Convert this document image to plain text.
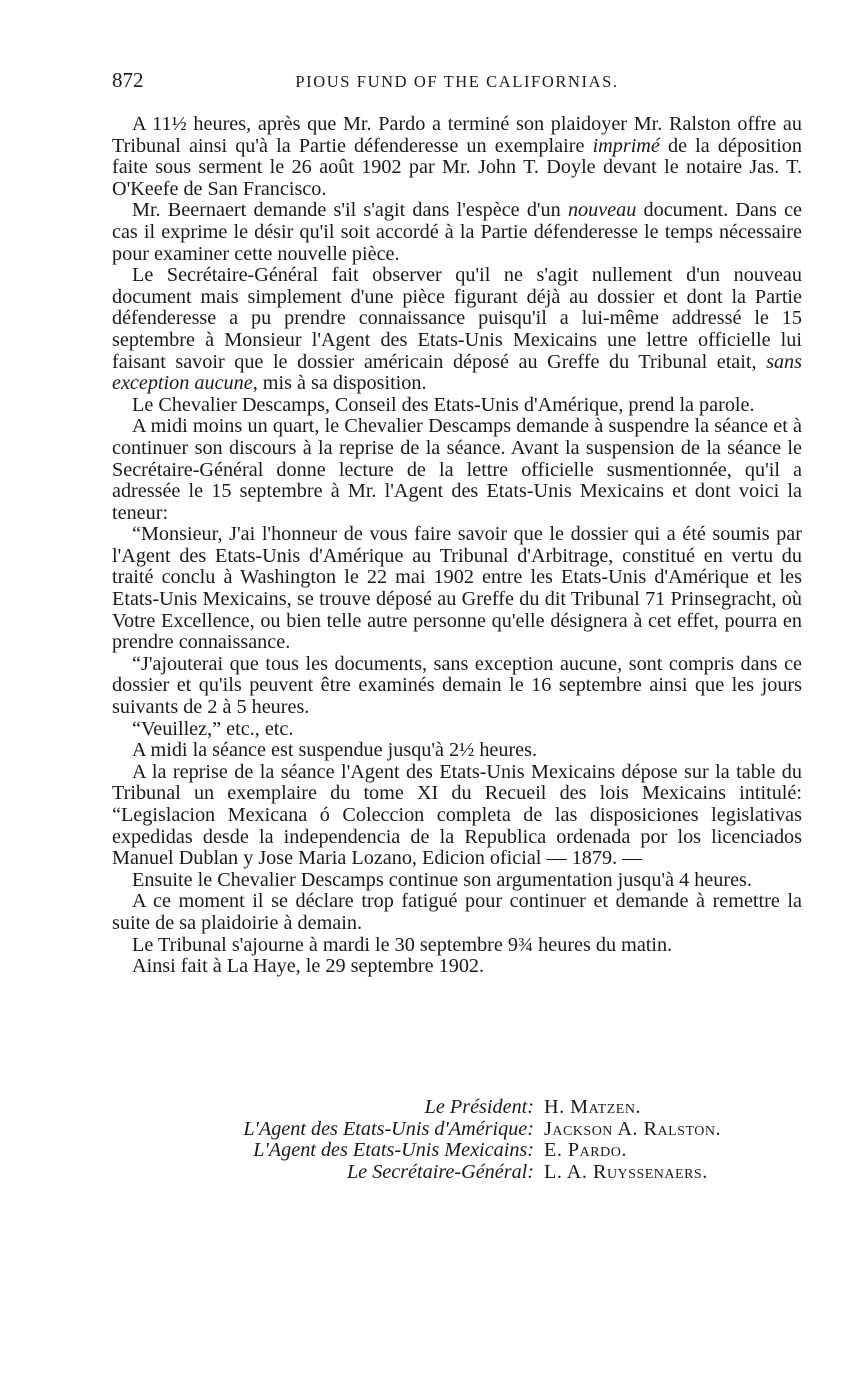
872	PIOUS FUND OF THE CALIFORNIAS.

A 11½ heures, après que Mr. Pardo a terminé son plaidoyer Mr. Ralston offre au Tribunal ainsi qu'à la Partie défenderesse un exemplaire imprimé de la déposition faite sous serment le 26 août 1902 par Mr. John T. Doyle devant le notaire Jas. T. O'Keefe de San Francisco.

Mr. Beernaert demande s'il s'agit dans l'espèce d'un nouveau document. Dans ce cas il exprime le désir qu'il soit accordé à la Partie défenderesse le temps nécessaire pour examiner cette nouvelle pièce.

Le Secrétaire-Général fait observer qu'il ne s'agit nullement d'un nouveau document mais simplement d'une pièce figurant déjà au dossier et dont la Partie défenderesse a pu prendre connaissance puisqu'il a lui-même addressé le 15 septembre à Monsieur l'Agent des Etats-Unis Mexicains une lettre officielle lui faisant savoir que le dossier américain déposé au Greffe du Tribunal etait, sans exception aucune, mis à sa disposition.

Le Chevalier Descamps, Conseil des Etats-Unis d'Amérique, prend la parole.

A midi moins un quart, le Chevalier Descamps demande à suspendre la séance et à continuer son discours à la reprise de la séance. Avant la suspension de la séance le Secrétaire-Général donne lecture de la lettre officielle susmentionnée, qu'il a adressée le 15 septembre à Mr. l'Agent des Etats-Unis Mexicains et dont voici la teneur:

“Monsieur, J'ai l'honneur de vous faire savoir que le dossier qui a été soumis par l'Agent des Etats-Unis d'Amérique au Tribunal d'Arbitrage, constitué en vertu du traité conclu à Washington le 22 mai 1902 entre les Etats-Unis d'Amérique et les Etats-Unis Mexicains, se trouve déposé au Greffe du dit Tribunal 71 Prinsegracht, où Votre Excellence, ou bien telle autre personne qu'elle désignera à cet effet, pourra en prendre connaissance.

“J'ajouterai que tous les documents, sans exception aucune, sont compris dans ce dossier et qu'ils peuvent être examinés demain le 16 septembre ainsi que les jours suivants de 2 à 5 heures.

“Veuillez,” etc., etc.

A midi la séance est suspendue jusqu'à 2½ heures.

A la reprise de la séance l'Agent des Etats-Unis Mexicains dépose sur la table du Tribunal un exemplaire du tome XI du Recueil des lois Mexicains intitulé: “Legislacion Mexicana ó Coleccion completa de las disposiciones legislativas expedidas desde la independencia de la Republica ordenada por los licenciados Manuel Dublan y Jose Maria Lozano, Edicion oficial — 1879. —

Ensuite le Chevalier Descamps continue son argumentation jusqu'à 4 heures.

A ce moment il se déclare trop fatigué pour continuer et demande à remettre la suite de sa plaidoirie à demain.

Le Tribunal s'ajourne à mardi le 30 septembre 9¾ heures du matin.

Ainsi fait à La Haye, le 29 septembre 1902.

Le Président: H. Matzen.
L'Agent des Etats-Unis d'Amérique: Jackson A. Ralston.
L'Agent des Etats-Unis Mexicains: E. Pardo.
Le Secrétaire-Général: L. A. Ruyssenaers.
